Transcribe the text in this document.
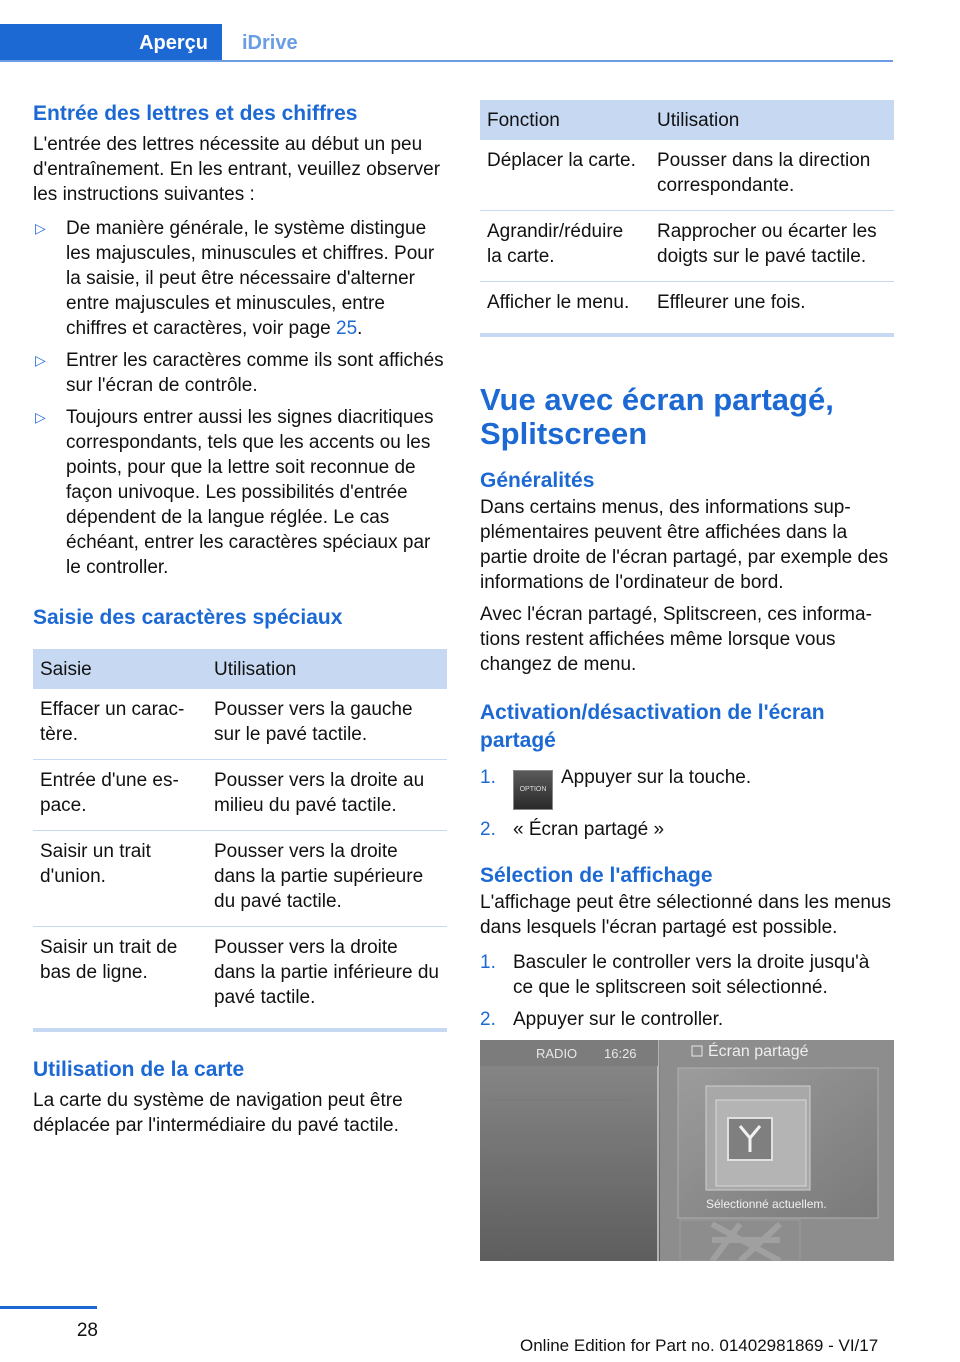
Aperçu	iDrive
Entrée des lettres et des chiffres

L'entrée des lettres nécessite au début un peu d'entraînement. En les entrant, veuillez observer les instructions suivantes :

▷ De manière générale, le système distingue les majuscules, minuscules et chiffres. Pour la saisie, il peut être nécessaire d'alterner entre majuscules et minuscules, entre chiffres et caractères, voir page 25.
▷ Entrer les caractères comme ils sont affichés sur l'écran de contrôle.
▷ Toujours entrer aussi les signes diacritiques correspondants, tels que les accents ou les points, pour que la lettre soit reconnue de façon univoque. Les possibilités d'entrée dépendent de la langue réglée. Le cas échéant, entrer les caractères spéciaux par le controller.
Saisie des caractères spéciaux
Saisie	Utilisation
Effacer un caractère.	Pousser vers la gauche sur le pavé tactile.
Entrée d'une espace.	Pousser vers la droite au milieu du pavé tactile.
Saisir un trait d'union.	Pousser vers la droite dans la partie supérieure du pavé tactile.
Saisir un trait de bas de ligne.	Pousser vers la droite dans la partie inférieure du pavé tactile.
Utilisation de la carte

La carte du système de navigation peut être déplacée par l'intermédiaire du pavé tactile.

Fonction	Utilisation
Déplacer la carte.	Pousser dans la direction correspondante.
Agrandir/réduire la carte.	Rapprocher ou écarter les doigts sur le pavé tactile.
Afficher le menu.	Effleurer une fois.
Vue avec écran partagé, Splitscreen
Généralités

Dans certains menus, des informations supplémentaires peuvent être affichées dans la partie droite de l'écran partagé, par exemple des informations de l'ordinateur de bord.

Avec l'écran partagé, Splitscreen, ces informations restent affichées même lorsque vous changez de menu.

Activation/désactivation de l'écran partagé
1.
OPTIONAppuyer sur la touche.
2. « Écran partagé »
Sélection de l'affichage

L'affichage peut être sélectionné dans les menus dans lesquels l'écran partagé est possible.

1. Basculer le controller vers la droite jusqu'à ce que le splitscreen soit sélectionné.
2. Appuyer sur le controller.
RADIO 16:26	Écran partagé
Sélectionné actuellem.
28
Online Edition for Part no. 01402981869 - VI/17
